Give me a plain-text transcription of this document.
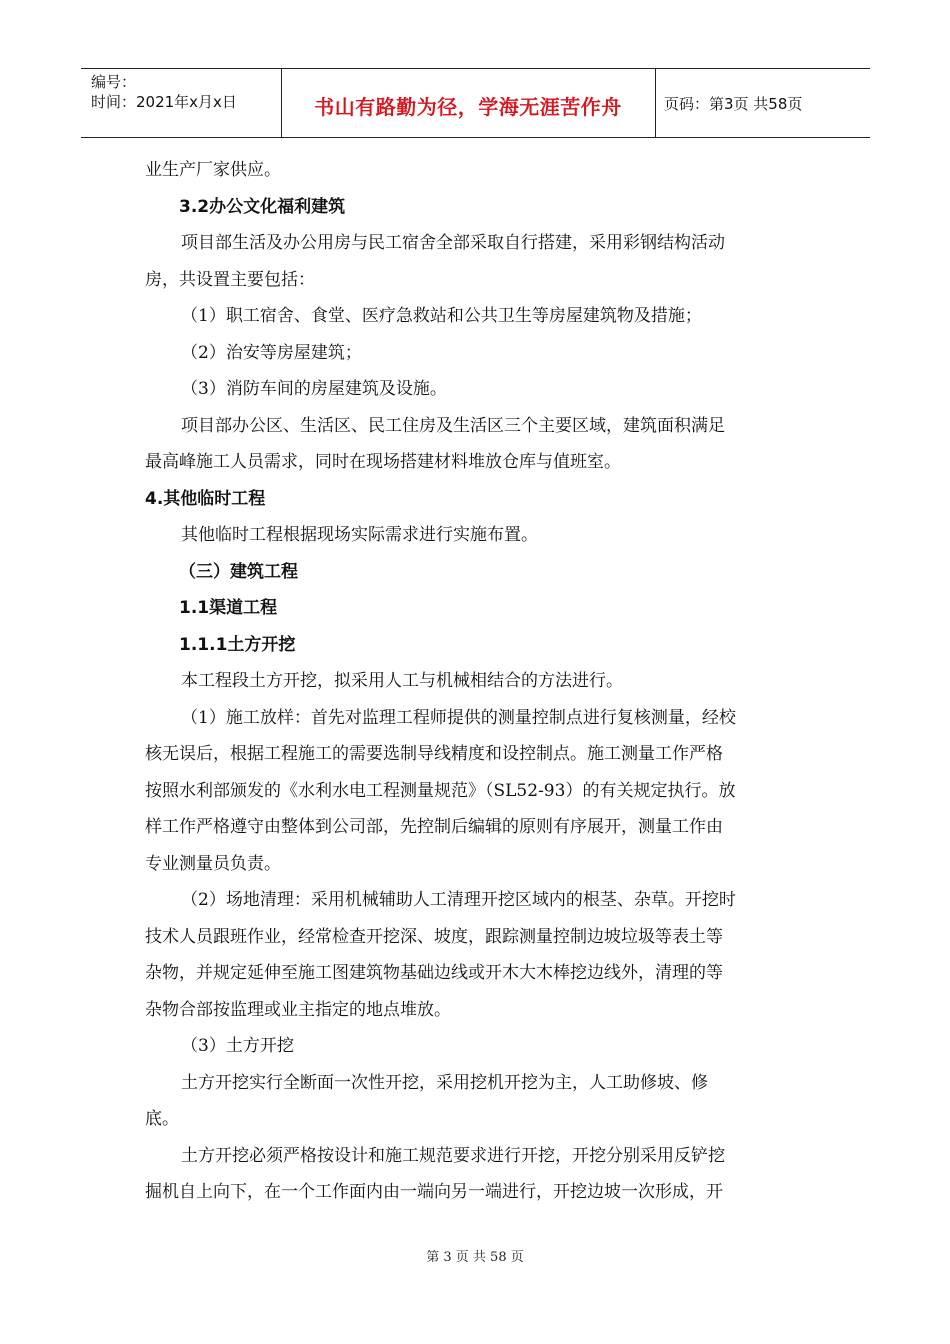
编号：
时间：2021年x月x日	书山有路勤为径，学海无涯苦作舟	页码：第3页 共58页

业生产厂家供应。

3.2办公文化福利建筑

项目部生活及办公用房与民工宿舍全部采取自行搭建，采用彩钢结构活动

房，共设置主要包括：

（1）职工宿舍、食堂、医疗急救站和公共卫生等房屋建筑物及措施；

（2）治安等房屋建筑；

（3）消防车间的房屋建筑及设施。

项目部办公区、生活区、民工住房及生活区三个主要区域，建筑面积满足

最高峰施工人员需求，同时在现场搭建材料堆放仓库与值班室。

4.其他临时工程

其他临时工程根据现场实际需求进行实施布置。

（三）建筑工程

1.1渠道工程

1.1.1土方开挖

本工程段土方开挖，拟采用人工与机械相结合的方法进行。

（1）施工放样：首先对监理工程师提供的测量控制点进行复核测量，经校

核无误后，根据工程施工的需要选制导线精度和设控制点。施工测量工作严格

按照水利部颁发的《水利水电工程测量规范》（SL52-93）的有关规定执行。放

样工作严格遵守由整体到公司部，先控制后编辑的原则有序展开，测量工作由

专业测量员负责。

（2）场地清理：采用机械辅助人工清理开挖区域内的根茎、杂草。开挖时

技术人员跟班作业，经常检查开挖深、坡度，跟踪测量控制边坡垃圾等表土等

杂物，并规定延伸至施工图建筑物基础边线或开木大木棒挖边线外，清理的等

杂物合部按监理或业主指定的地点堆放。

（3）土方开挖

土方开挖实行全断面一次性开挖，采用挖机开挖为主，人工助修坡、修

底。

土方开挖必须严格按设计和施工规范要求进行开挖，开挖分别采用反铲挖

掘机自上向下，在一个工作面内由一端向另一端进行，开挖边坡一次形成，开

第 3 页 共 58 页
